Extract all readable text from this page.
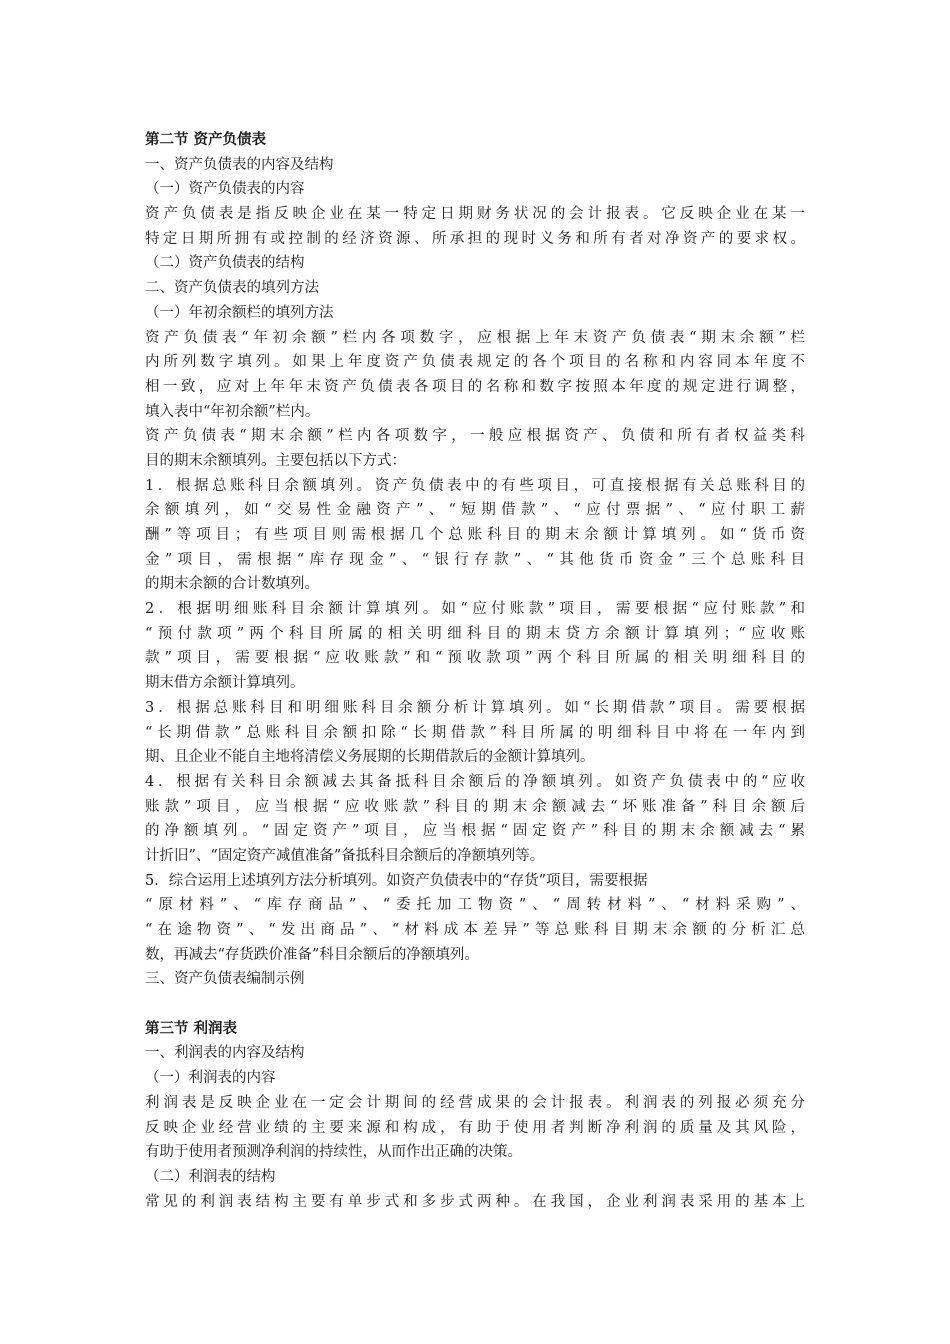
第二节 资产负债表
一、资产负债表的内容及结构
（一）资产负债表的内容
资产负债表是指反映企业在某一特定日期财务状况的会计报表。它反映企业在某一
特定日期所拥有或控制的经济资源、所承担的现时义务和所有者对净资产的要求权。
（二）资产负债表的结构
二、资产负债表的填列方法
（一）年初余额栏的填列方法
资产负债表“年初余额”栏内各项数字，应根据上年末资产负债表“期末余额”栏
内所列数字填列。如果上年度资产负债表规定的各个项目的名称和内容同本年度不
相一致，应对上年年末资产负债表各项目的名称和数字按照本年度的规定进行调整，
填入表中“年初余额”栏内。
资产负债表“期末余额”栏内各项数字，一般应根据资产、负债和所有者权益类科
目的期末余额填列。主要包括以下方式：
1．根据总账科目余额填列。资产负债表中的有些项目，可直接根据有关总账科目的
余额填列，如“交易性金融资产”、“短期借款”、“应付票据”、“应付职工薪
酬”等项目；有些项目则需根据几个总账科目的期末余额计算填列。如“货币资
金”项目，需根据“库存现金”、“银行存款”、“其他货币资金”三个总账科目
的期末余额的合计数填列。
2．根据明细账科目余额计算填列。如“应付账款”项目，需要根据“应付账款”和
“预付款项”两个科目所属的相关明细科目的期末贷方余额计算填列；“应收账
款”项目，需要根据“应收账款”和“预收款项”两个科目所属的相关明细科目的
期末借方余额计算填列。
3．根据总账科目和明细账科目余额分析计算填列。如“长期借款”项目。需要根据
“长期借款”总账科目余额扣除“长期借款”科目所属的明细科目中将在一年内到
期、且企业不能自主地将清偿义务展期的长期借款后的金额计算填列。
4．根据有关科目余额减去其备抵科目余额后的净额填列。如资产负债表中的“应收
账款”项目，应当根据“应收账款”科目的期末余额减去“坏账准备”科目余额后
的净额填列。“固定资产”项目，应当根据“固定资产”科目的期末余额减去“累
计折旧”、“固定资产减值准备”备抵科目余额后的净额填列等。
5．综合运用上述填列方法分析填列。如资产负债表中的“存货”项目，需要根据
“原材料”、“库存商品”、“委托加工物资”、“周转材料”、“材料采购”、
“在途物资”、“发出商品”、“材料成本差异”等总账科目期末余额的分析汇总
数，再减去“存货跌价准备”科目余额后的净额填列。
三、资产负债表编制示例
第三节 利润表
一、利润表的内容及结构
（一）利润表的内容
利润表是反映企业在一定会计期间的经营成果的会计报表。利润表的列报必须充分
反映企业经营业绩的主要来源和构成，有助于使用者判断净利润的质量及其风险，
有助于使用者预测净利润的持续性，从而作出正确的决策。
（二）利润表的结构
常见的利润表结构主要有单步式和多步式两种。在我国，企业利润表采用的基本上
